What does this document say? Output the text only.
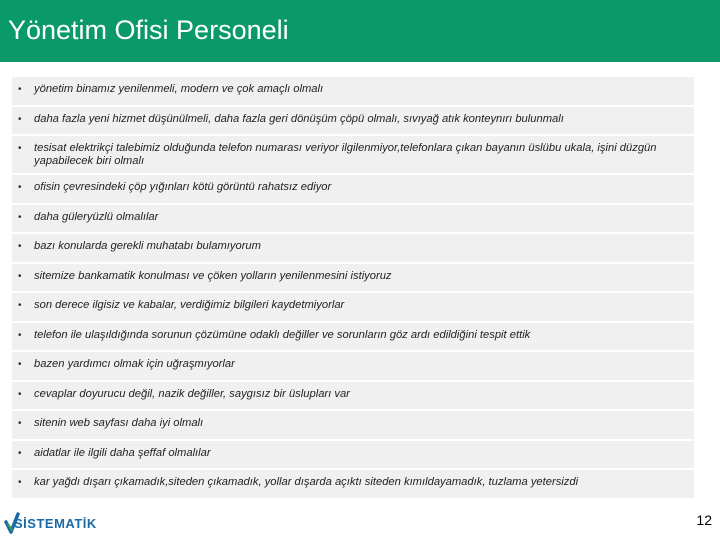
Yönetim Ofisi Personeli
• yönetim binamız yenilenmeli, modern ve çok amaçlı olmalı
• daha fazla yeni hizmet düşünülmeli, daha fazla geri dönüşüm çöpü olmalı, sıvıyağ atık konteynırı bulunmalı
• tesisat elektrikçi talebimiz olduğunda telefon numarası veriyor ilgilenmiyor,telefonlara çıkan bayanın üslübu ukala, işini düzgün yapabilecek biri olmalı
• ofisin çevresindeki çöp yığınları kötü görüntü rahatsız ediyor
• daha güleryüzlü olmalılar
• bazı konularda gerekli muhatabı bulamıyorum
• sitemize bankamatik konulması ve çöken yolların yenilenmesini istiyoruz
• son derece ilgisiz ve kabalar, verdiğimiz bilgileri kaydetmiyorlar
• telefon ile ulaşıldığında sorunun çözümüne odaklı değiller ve sorunların göz ardı edildiğini tespit ettik
• bazen yardımcı olmak için uğraşmıyorlar
• cevaplar doyurucu değil, nazik değiller, saygısız bir üslupları var
• sitenin web sayfası daha iyi olmalı
• aidatlar ile ilgili daha şeffaf olmalılar
• kar yağdı dışarı çıkamadık,siteden çıkamadık, yollar dışarda açıktı siteden kımıldayamadık, tuzlama yetersizdi
SİSTEMATİK	12
